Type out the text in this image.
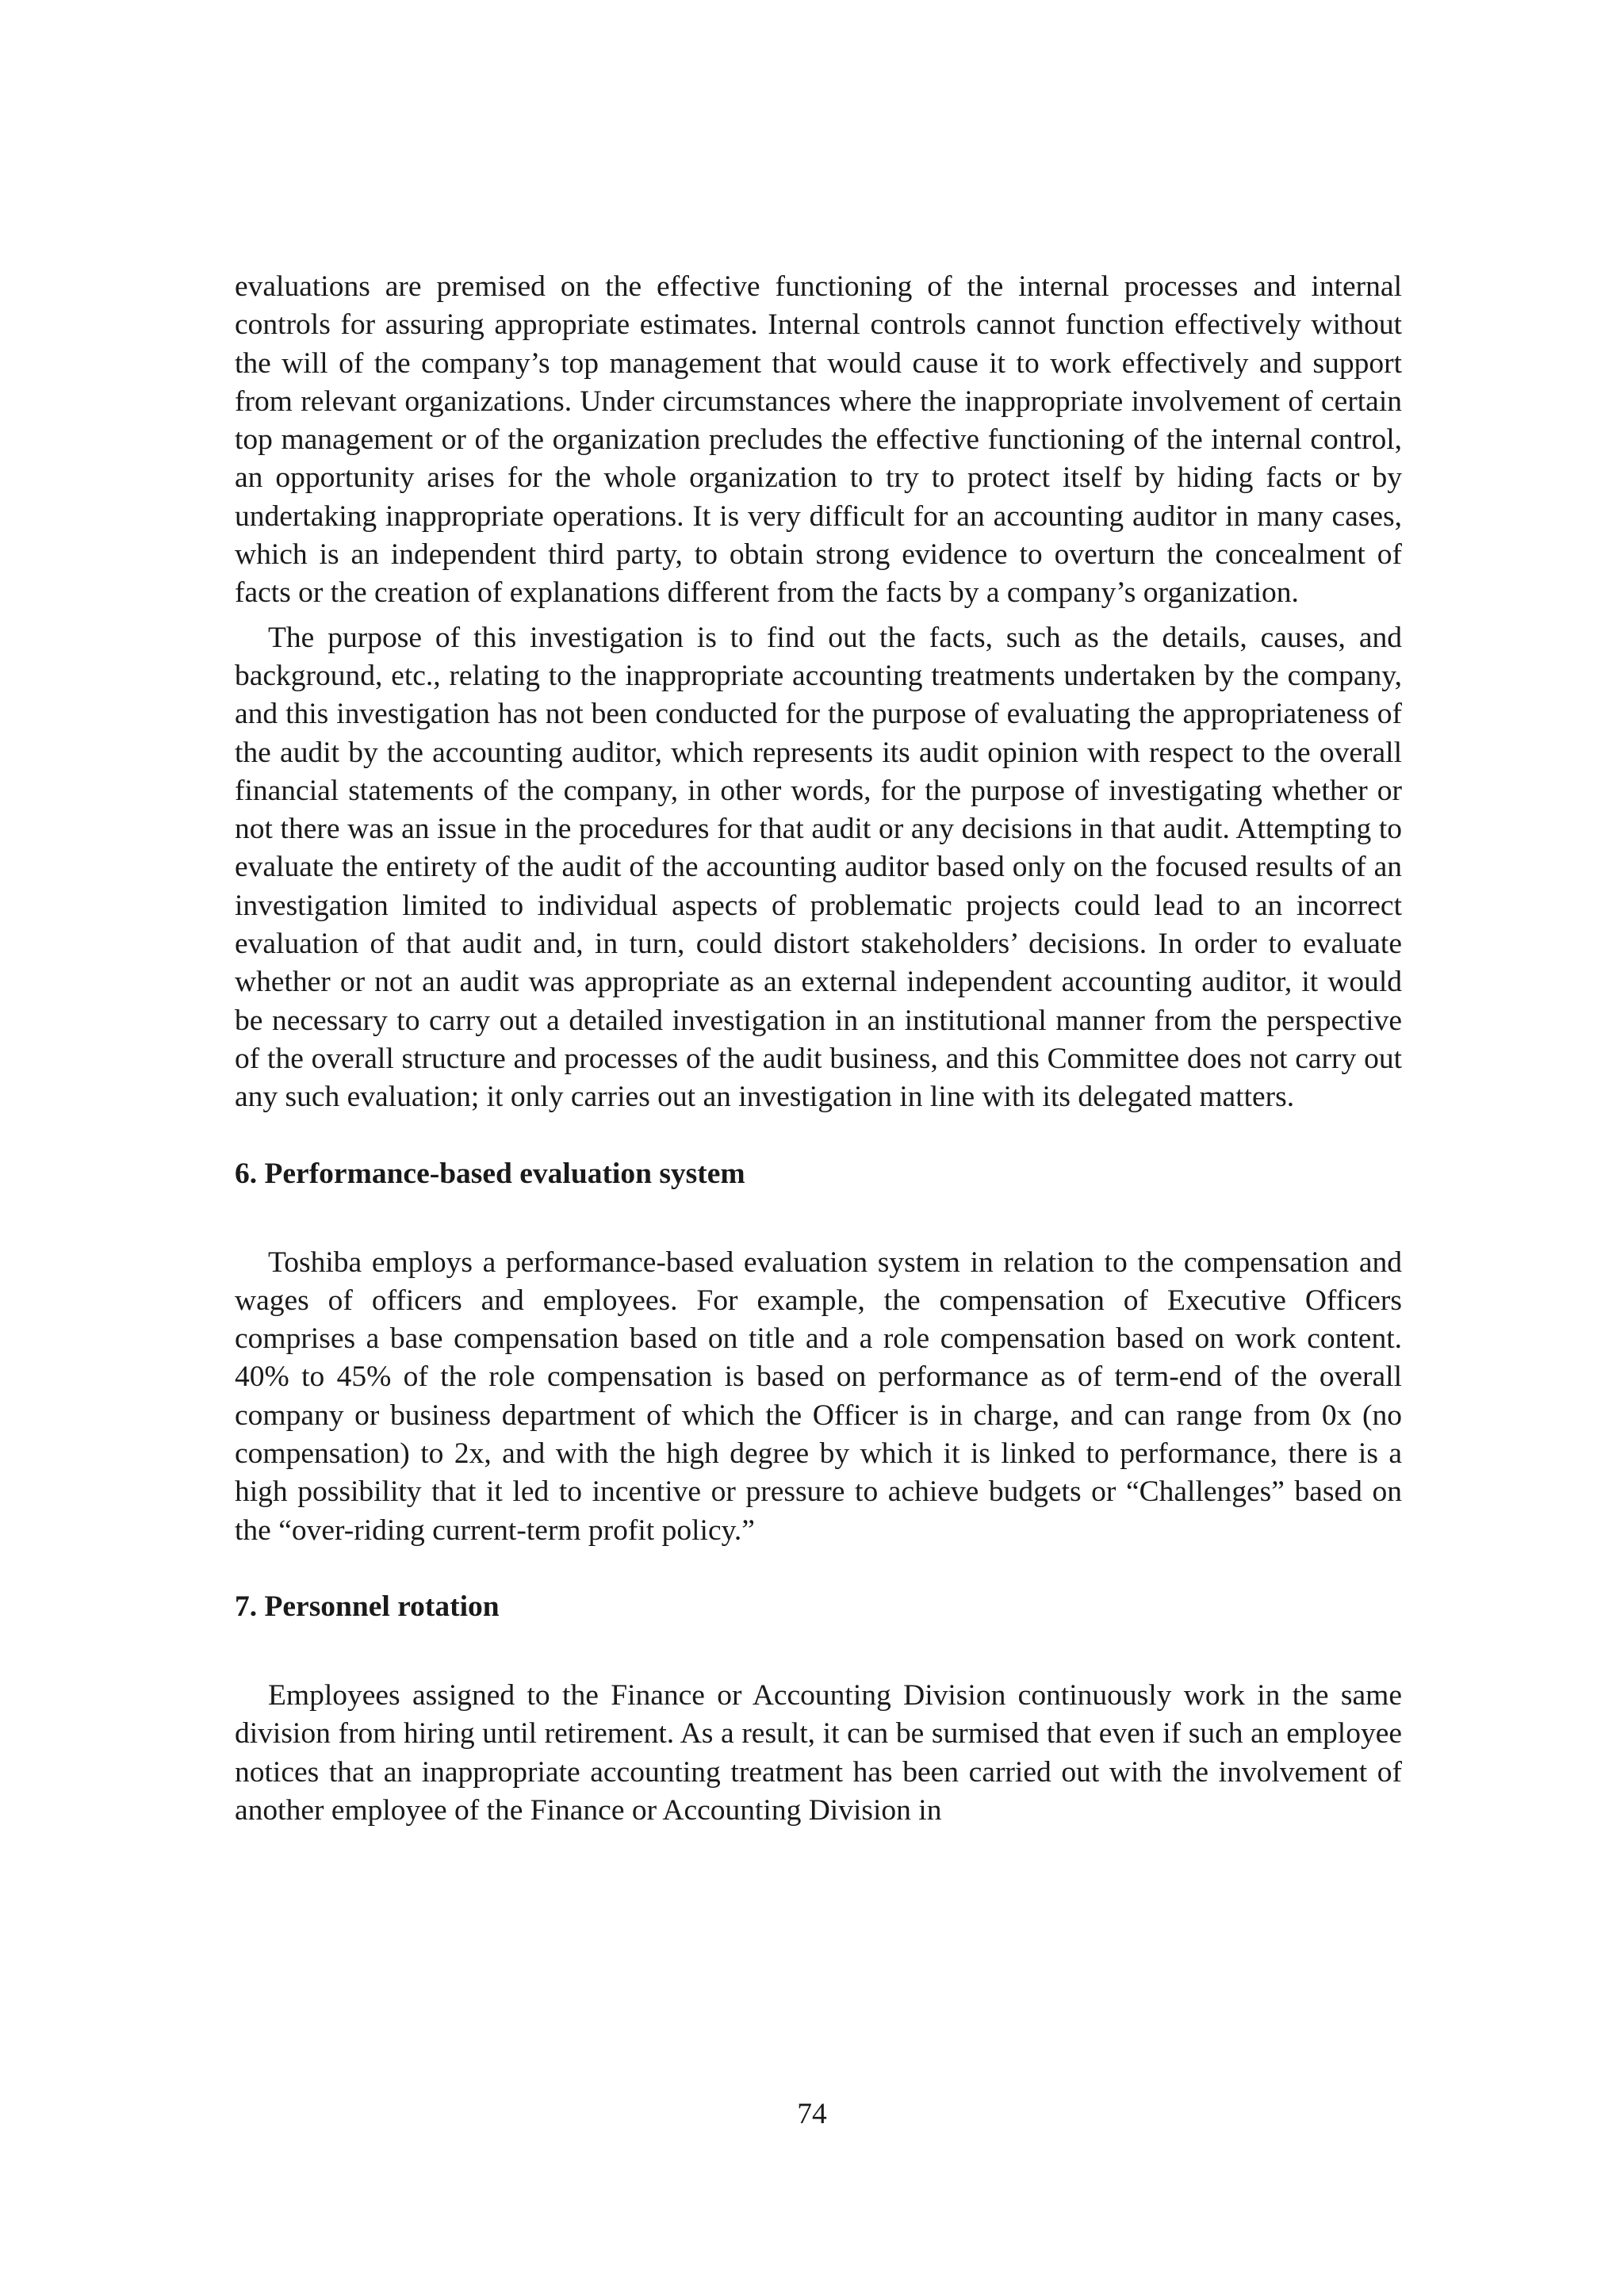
evaluations are premised on the effective functioning of the internal processes and internal controls for assuring appropriate estimates. Internal controls cannot function effectively without the will of the company’s top management that would cause it to work effectively and support from relevant organizations. Under circumstances where the inappropriate involvement of certain top management or of the organization precludes the effective functioning of the internal control, an opportunity arises for the whole organization to try to protect itself by hiding facts or by undertaking inappropriate operations. It is very difficult for an accounting auditor in many cases, which is an independent third party, to obtain strong evidence to overturn the concealment of facts or the creation of explanations different from the facts by a company’s organization.

The purpose of this investigation is to find out the facts, such as the details, causes, and background, etc., relating to the inappropriate accounting treatments undertaken by the company, and this investigation has not been conducted for the purpose of evaluating the appropriateness of the audit by the accounting auditor, which represents its audit opinion with respect to the overall financial statements of the company, in other words, for the purpose of investigating whether or not there was an issue in the procedures for that audit or any decisions in that audit. Attempting to evaluate the entirety of the audit of the accounting auditor based only on the focused results of an investigation limited to individual aspects of problematic projects could lead to an incorrect evaluation of that audit and, in turn, could distort stakeholders’ decisions. In order to evaluate whether or not an audit was appropriate as an external independent accounting auditor, it would be necessary to carry out a detailed investigation in an institutional manner from the perspective of the overall structure and processes of the audit business, and this Committee does not carry out any such evaluation; it only carries out an investigation in line with its delegated matters.

6. Performance-based evaluation system

Toshiba employs a performance-based evaluation system in relation to the compensation and wages of officers and employees. For example, the compensation of Executive Officers comprises a base compensation based on title and a role compensation based on work content. 40% to 45% of the role compensation is based on performance as of term-end of the overall company or business department of which the Officer is in charge, and can range from 0x (no compensation) to 2x, and with the high degree by which it is linked to performance, there is a high possibility that it led to incentive or pressure to achieve budgets or “Challenges” based on the “over-riding current-term profit policy.”

7. Personnel rotation

Employees assigned to the Finance or Accounting Division continuously work in the same division from hiring until retirement. As a result, it can be surmised that even if such an employee notices that an inappropriate accounting treatment has been carried out with the involvement of another employee of the Finance or Accounting Division in

74
